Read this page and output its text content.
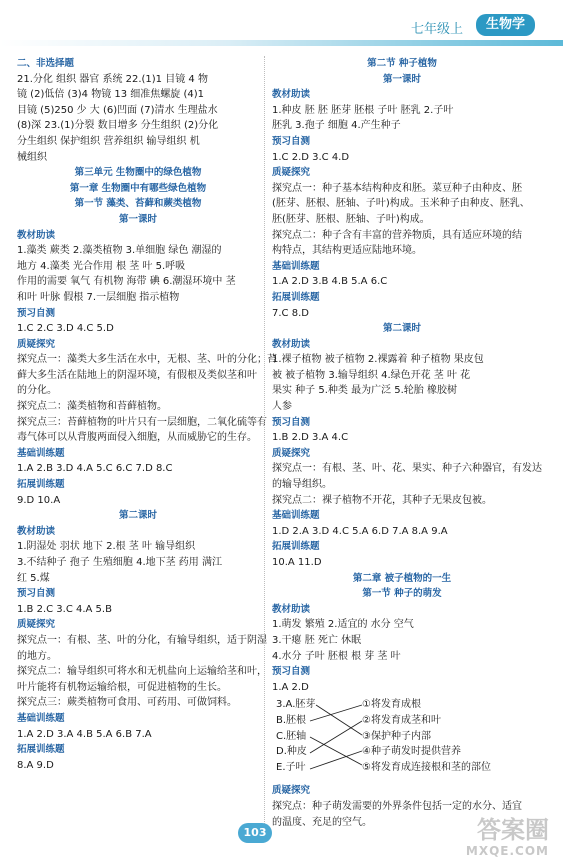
七年级上	生物学

二、非选择题

21.分化 组织 器官 系统 22.(1)1 目镜 4 物

镜 (2)低倍 (3)4 物镜 13 细准焦螺旋 (4)1

目镜 (5)250 少 大 (6)凹面 (7)清水 生理盐水

(8)深 23.(1)分裂 数目增多 分生组织 (2)分化

分生组织 保护组织 营养组织 输导组织 机

械组织

第三单元 生物圈中的绿色植物

第一章 生物圈中有哪些绿色植物

第一节 藻类、苔藓和蕨类植物

第一课时

教材助读

1.藻类 蕨类 2.藻类植物 3.单细胞 绿色 潮湿的

地方 4.藻类 光合作用 根 茎 叶 5.呼吸

作用的需要 氧气 有机物 海带 碘 6.潮湿环境中 茎

和叶 叶脉 假根 7.一层细胞 指示植物

预习自测

1.C 2.C 3.D 4.C 5.D

质疑探究

探究点一：藻类大多生活在水中，无根、茎、叶的分化；苔

藓大多生活在陆地上的阴湿环境，有假根及类似茎和叶

的分化。

探究点二：藻类植物和苔藓植物。

探究点三：苔藓植物的叶片只有一层细胞，二氧化硫等有

毒气体可以从背腹两面侵入细胞，从而威胁它的生存。

基础训练题

1.A 2.B 3.D 4.A 5.C 6.C 7.D 8.C

拓展训练题

9.D 10.A

第二课时

教材助读

1.阴湿处 羽状 地下 2.根 茎 叶 输导组织

3.不结种子 孢子 生殖细胞 4.地下茎 药用 满江

红 5.煤

预习自测

1.B 2.C 3.C 4.A 5.B

质疑探究

探究点一：有根、茎、叶的分化，有输导组织，适于阴湿

的地方。

探究点二：输导组织可将水和无机盐向上运输给茎和叶，

叶片能将有机物运输给根，可促进植物的生长。

探究点三：蕨类植物可食用、可药用、可做饲料。

基础训练题

1.A 2.D 3.A 4.B 5.A 6.B 7.A

拓展训练题

8.A 9.D

第二节 种子植物

第一课时

教材助读

1.种皮 胚 胚 胚芽 胚根 子叶 胚乳 2.子叶

胚乳 3.孢子 细胞 4.产生种子

预习自测

1.C 2.D 3.C 4.D

质疑探究

探究点一：种子基本结构种皮和胚。菜豆种子由种皮、胚

(胚芽、胚根、胚轴、子叶)构成。玉米种子由种皮、胚乳、

胚(胚芽、胚根、胚轴、子叶)构成。

探究点二：种子含有丰富的营养物质，具有适应环境的结

构特点，其结构更适应陆地环境。

基础训练题

1.A 2.D 3.B 4.B 5.A 6.C

拓展训练题

7.C 8.D

第二课时

教材助读

1.裸子植物 被子植物 2.裸露着 种子植物 果皮包

被 被子植物 3.输导组织 4.绿色开花 茎 叶 花

果实 种子 5.种类 最为广泛 5.轮胎 橡胶树

人参

预习自测

1.B 2.D 3.A 4.C

质疑探究

探究点一：有根、茎、叶、花、果实、种子六种器官，有发达

的输导组织。

探究点二：裸子植物不开花，其种子无果皮包被。

基础训练题

1.D 2.A 3.D 4.C 5.A 6.D 7.A 8.A 9.A

拓展训练题

10.A 11.D

第二章 被子植物的一生

第一节 种子的萌发

教材助读

1.萌发 繁殖 2.适宜的 水分 空气

3.干瘪 胚 死亡 休眠

4.水分 子叶 胚根 根 芽 茎 叶

预习自测

1.A 2.D

3.A.胚芽

B.胚根

C.胚轴

D.种皮

E.子叶

①将发育成根

②将发育成茎和叶

③保护种子内部

④种子萌发时提供营养

⑤将发育成连接根和茎的部位

质疑探究

探究点：种子萌发需要的外界条件包括一定的水分、适宜

的温度、充足的空气。

103	答案圈
MXQE.COM
